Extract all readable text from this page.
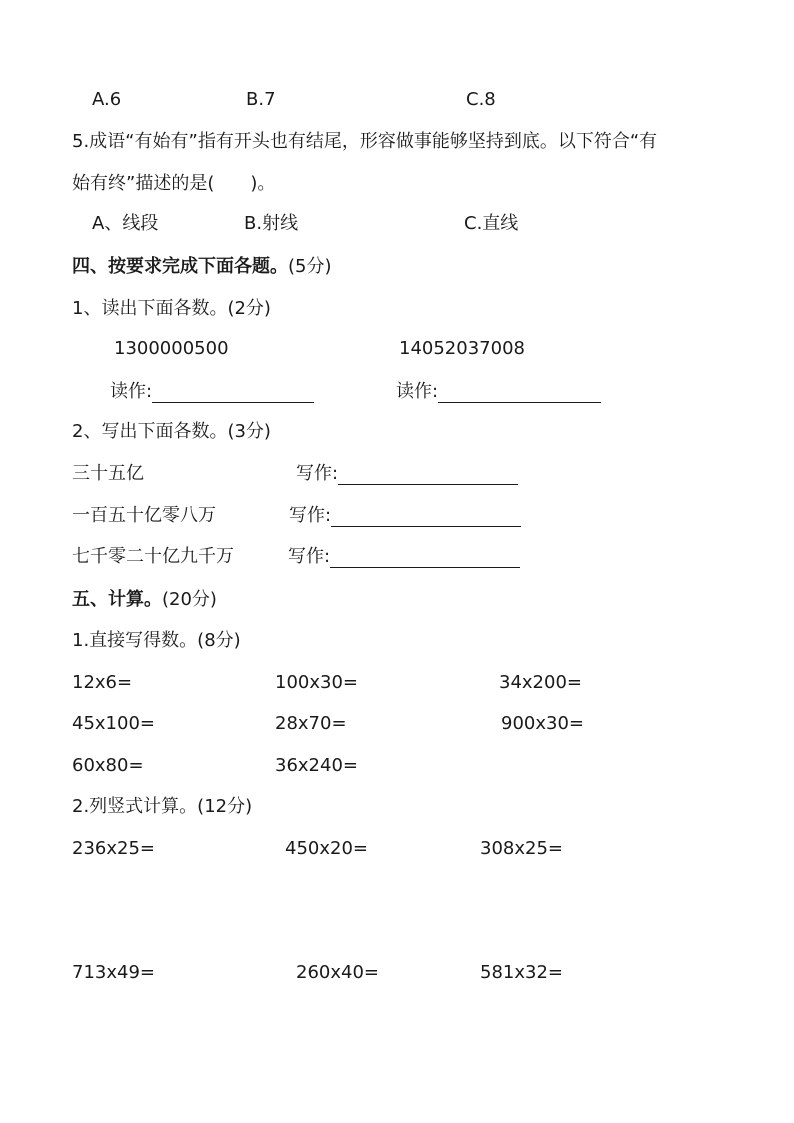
A.6	B.7	C.8
5.成语“有始有”指有开头也有结尾，形容做事能够坚持到底。以下符合“有
始有终”描述的是(　　)。
A、线段	B.射线	C.直线
四、按要求完成下面各题。(5分)
1、读出下面各数。(2分)
1300000500	14052037008
读作:	读作:
2、写出下面各数。(3分)
三十五亿	写作:
一百五十亿零八万	写作:
七千零二十亿九千万	写作:
五、计算。(20分)
1.直接写得数。(8分)
12x6=	100x30=	34x200=
45x100=	28x70=	900x30=
60x80=	36x240=
2.列竖式计算。(12分)
236x25=	450x20=	308x25=
713x49=	260x40=	581x32=
